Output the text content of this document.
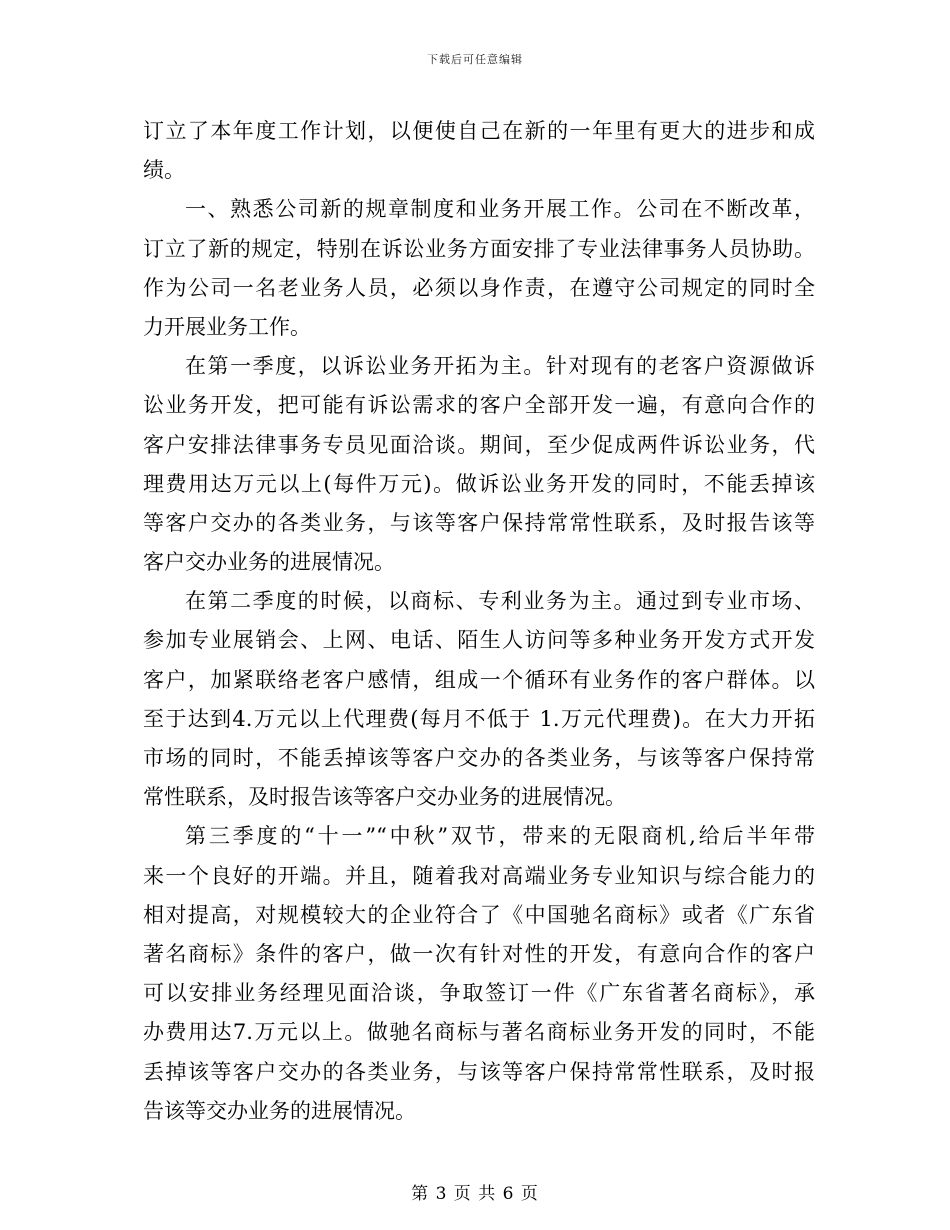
下载后可任意编辑
订立了本年度工作计划，以便使自己在新的一年里有更大的进步和成
绩。
一、熟悉公司新的规章制度和业务开展工作。公司在不断改革，
订立了新的规定，特别在诉讼业务方面安排了专业法律事务人员协助。
作为公司一名老业务人员，必须以身作责，在遵守公司规定的同时全
力开展业务工作。
在第一季度，以诉讼业务开拓为主。针对现有的老客户资源做诉
讼业务开发，把可能有诉讼需求的客户全部开发一遍，有意向合作的
客户安排法律事务专员见面洽谈。期间，至少促成两件诉讼业务，代
理费用达万元以上(每件万元)。做诉讼业务开发的同时，不能丢掉该
等客户交办的各类业务，与该等客户保持常常性联系，及时报告该等
客户交办业务的进展情况。
在第二季度的时候，以商标、专利业务为主。通过到专业市场、
参加专业展销会、上网、电话、陌生人访问等多种业务开发方式开发
客户，加紧联络老客户感情，组成一个循环有业务作的客户群体。以
至于达到4.万元以上代理费(每月不低于 1.万元代理费)。在大力开拓
市场的同时，不能丢掉该等客户交办的各类业务，与该等客户保持常
常性联系，及时报告该等客户交办业务的进展情况。
第三季度的“十一”“中秋”双节，带来的无限商机,给后半年带
来一个良好的开端。并且，随着我对高端业务专业知识与综合能力的
相对提高，对规模较大的企业符合了《中国驰名商标》或者《广东省
著名商标》条件的客户，做一次有针对性的开发，有意向合作的客户
可以安排业务经理见面洽谈，争取签订一件《广东省著名商标》，承
办费用达7.万元以上。做驰名商标与著名商标业务开发的同时，不能
丢掉该等客户交办的各类业务，与该等客户保持常常性联系，及时报
告该等交办业务的进展情况。
第 3 页 共 6 页
